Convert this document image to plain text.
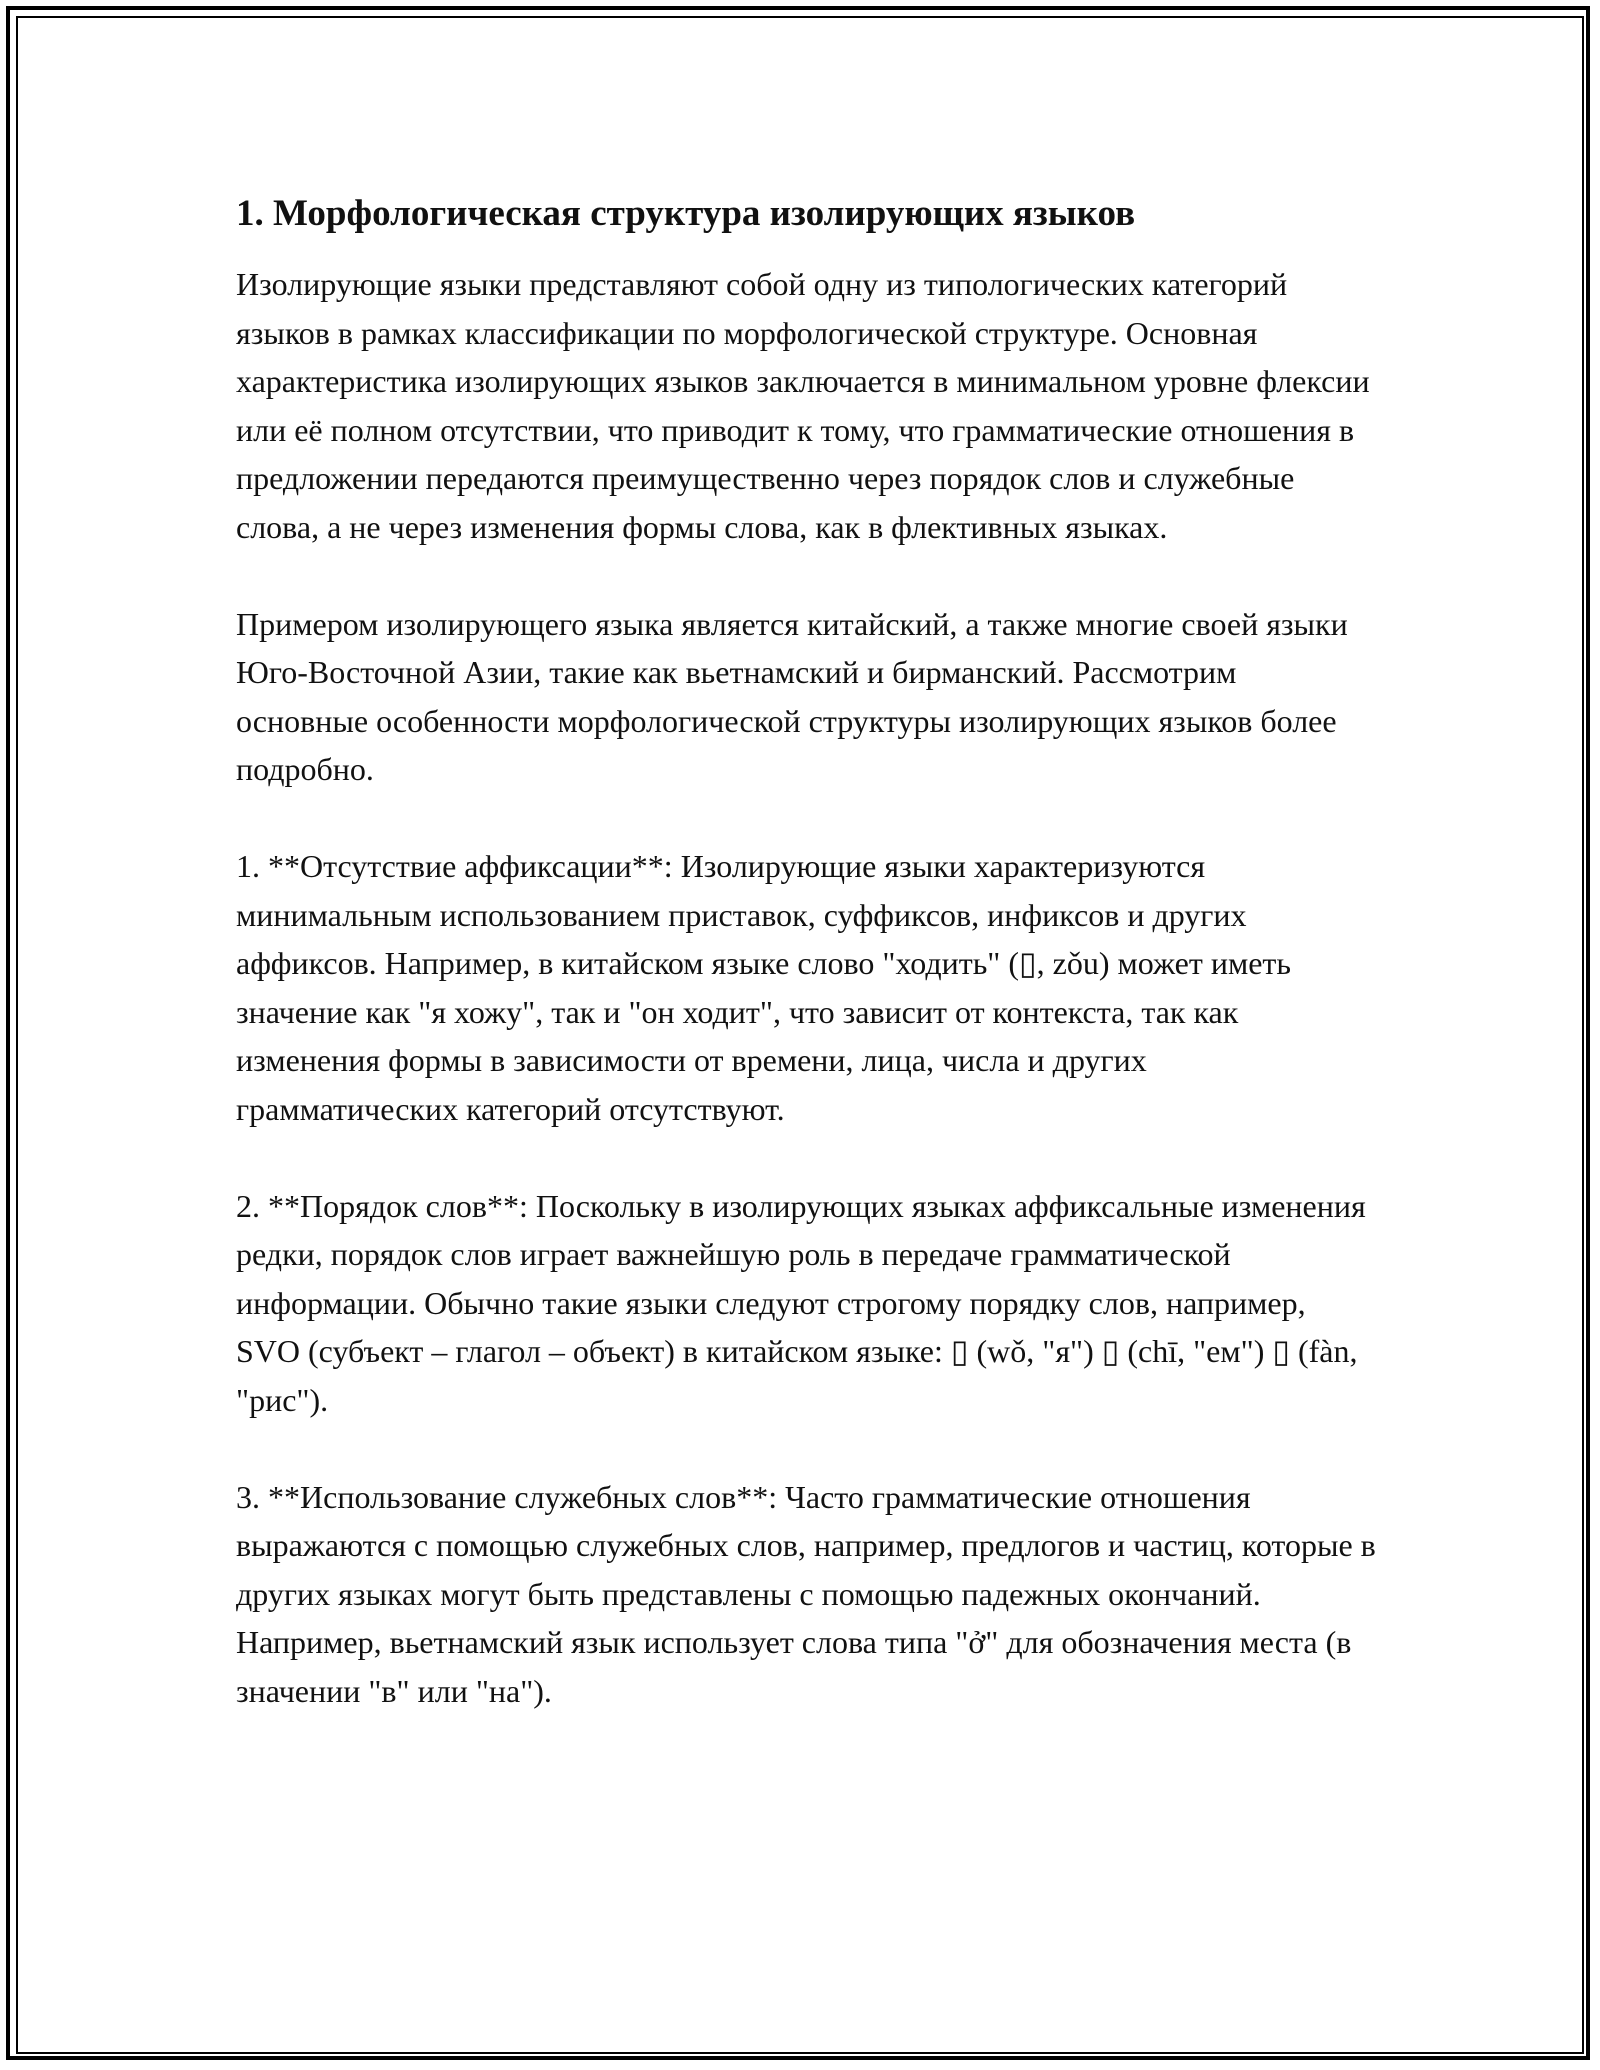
1. Морфологическая структура изолирующих языков

Изолирующие языки представляют собой одну из типологических категорий языков в рамках классификации по морфологической структуре. Основная характеристика изолирующих языков заключается в минимальном уровне флексии или её полном отсутствии, что приводит к тому, что грамматические отношения в предложении передаются преимущественно через порядок слов и служебные слова, а не через изменения формы слова, как в флективных языках.

Примером изолирующего языка является китайский, а также многие своей языки Юго-Восточной Азии, такие как вьетнамский и бирманский. Рассмотрим основные особенности морфологической структуры изолирующих языков более подробно.

1. **Отсутствие аффиксации**: Изолирующие языки характеризуются минимальным использованием приставок, суффиксов, инфиксов и других аффиксов. Например, в китайском языке слово "ходить" (▯, zǒu) может иметь значение как "я хожу", так и "он ходит", что зависит от контекста, так как изменения формы в зависимости от времени, лица, числа и других грамматических категорий отсутствуют.

2. **Порядок слов**: Поскольку в изолирующих языках аффиксальные изменения редки, порядок слов играет важнейшую роль в передаче грамматической информации. Обычно такие языки следуют строгому порядку слов, например, SVO (субъект – глагол – объект) в китайском языке: ▯ (wǒ, "я") ▯ (chī, "ем") ▯ (fàn, "рис").

3. **Использование служебных слов**: Часто грамматические отношения выражаются с помощью служебных слов, например, предлогов и частиц, которые в других языках могут быть представлены с помощью падежных окончаний. Например, вьетнамский язык использует слова типа "ở" для обозначения места (в значении "в" или "на").
